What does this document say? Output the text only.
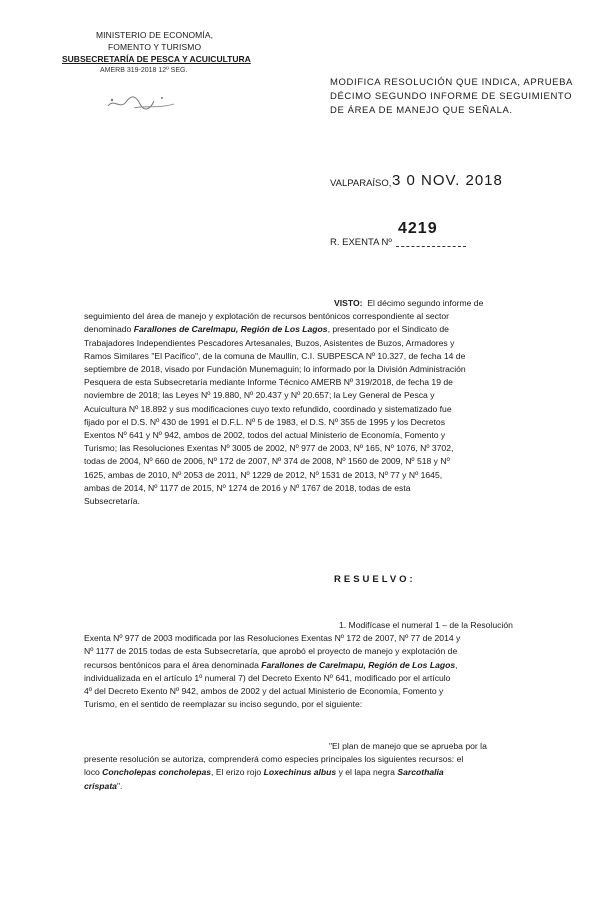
MINISTERIO DE ECONOMÍA,
FOMENTO Y TURISMO
SUBSECRETARÍA DE PESCA Y ACUICULTURA
AMERB 319-2018 12º SEG.
MODIFICA RESOLUCIÓN QUE INDICA, APRUEBA
DÉCIMO SEGUNDO INFORME DE SEGUIMIENTO
DE ÁREA DE MANEJO QUE SEÑALA.
VALPARAÍSO, 3 0 NOV. 2018
R. EXENTA Nº
4219
VISTO: El décimo segundo informe de
seguimiento del área de manejo y explotación de recursos bentónicos correspondiente al sector
denominado Farallones de Carelmapu, Región de Los Lagos, presentado por el Sindicato de
Trabajadores Independientes Pescadores Artesanales, Buzos, Asistentes de Buzos, Armadores y
Ramos Similares "El Pacífico", de la comuna de Maullín, C.I. SUBPESCA Nº 10.327, de fecha 14 de
septiembre de 2018, visado por Fundación Munemaguin; lo informado por la División Administración
Pesquera de esta Subsecretaría mediante Informe Técnico AMERB Nº 319/2018, de fecha 19 de
noviembre de 2018; las Leyes Nº 19.880, Nº 20.437 y Nº 20.657; la Ley General de Pesca y
Acuicultura Nº 18.892 y sus modificaciones cuyo texto refundido, coordinado y sistematizado fue
fijado por el D.S. Nº 430 de 1991 el D.F.L. Nº 5 de 1983, el D.S. Nº 355 de 1995 y los Decretos
Exentos Nº 641 y Nº 942, ambos de 2002, todos del actual Ministerio de Economía, Fomento y
Turismo; las Resoluciones Exentas Nº 3005 de 2002, Nº 977 de 2003, Nº 165, Nº 1076, Nº 3702,
todas de 2004, Nº 660 de 2006, Nº 172 de 2007, Nº 374 de 2008, Nº 1560 de 2009, Nº 518 y Nº
1625, ambas de 2010, Nº 2053 de 2011, Nº 1229 de 2012, Nº 1531 de 2013, Nº 77 y Nº 1645,
ambas de 2014, Nº 1177 de 2015, Nº 1274 de 2016 y Nº 1767 de 2018, todas de esta
Subsecretaría.
RESUELVO:
1. Modifícase el numeral 1 – de la Resolución
Exenta Nº 977 de 2003 modificada por las Resoluciones Exentas Nº 172 de 2007, Nº 77 de 2014 y
Nº 1177 de 2015 todas de esta Subsecretaría, que aprobó el proyecto de manejo y explotación de
recursos bentónicos para el área denominada Farallones de Carelmapu, Región de Los Lagos,
individualizada en el artículo 1º numeral 7) del Decreto Exento Nº 641, modificado por el artículo
4º del Decreto Exento Nº 942, ambos de 2002 y del actual Ministerio de Economía, Fomento y
Turismo, en el sentido de reemplazar su inciso segundo, por el siguiente:
"El plan de manejo que se aprueba por la
presente resolución se autoriza, comprenderá como especies principales los siguientes recursos: el
loco Concholepas concholepas, El erizo rojo Loxechinus albus y el lapa negra Sarcothalia
crispata".
